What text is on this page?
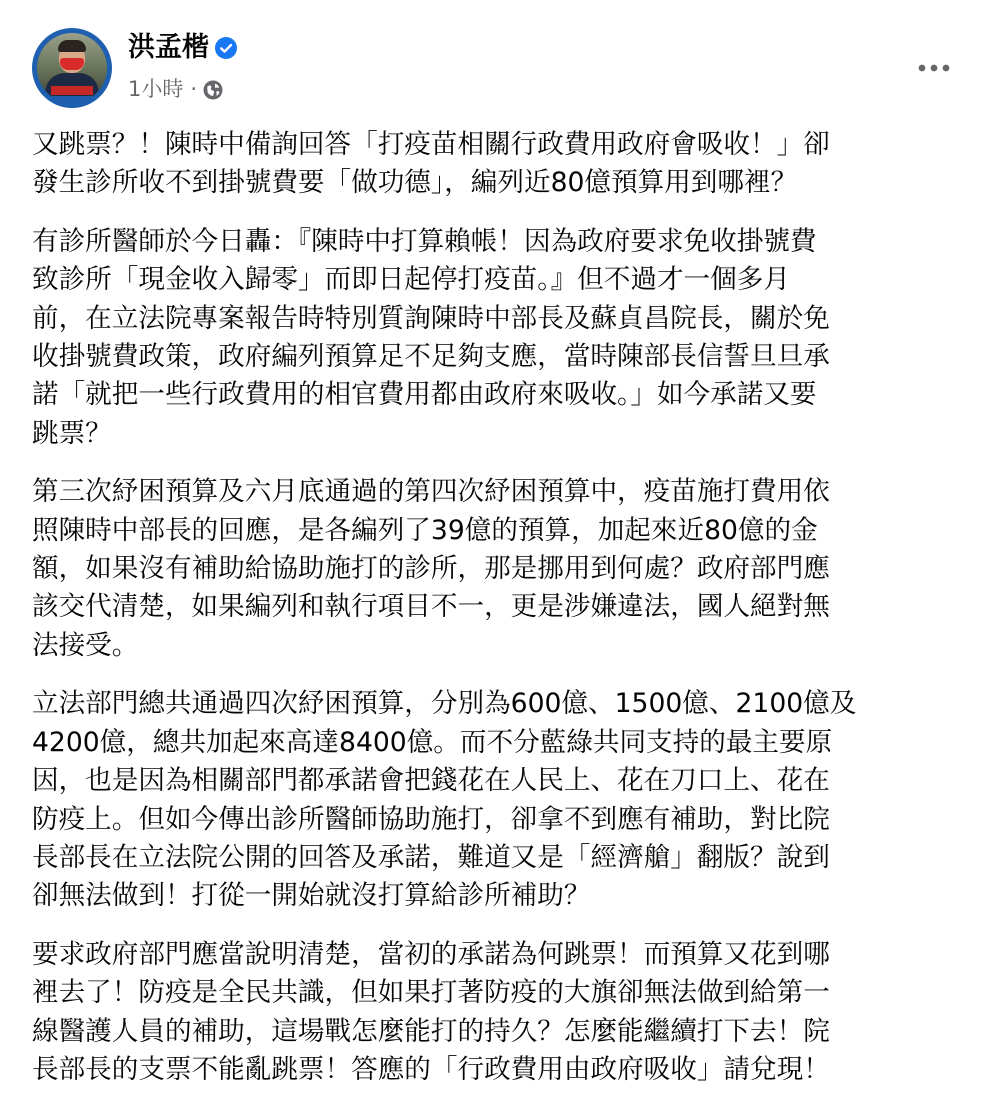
洪孟楷
1小時 ·

又跳票？！陳時中備詢回答「打疫苗相關行政費用政府會吸收！」卻
發生診所收不到掛號費要「做功德」，編列近80億預算用到哪裡？

有診所醫師於今日轟：『陳時中打算賴帳！因為政府要求免收掛號費
致診所「現金收入歸零」而即日起停打疫苗。』但不過才一個多月
前，在立法院專案報告時特別質詢陳時中部長及蘇貞昌院長，關於免
收掛號費政策，政府編列預算足不足夠支應，當時陳部長信誓旦旦承
諾「就把一些行政費用的相官費用都由政府來吸收。」如今承諾又要
跳票？

第三次紓困預算及六月底通過的第四次紓困預算中，疫苗施打費用依
照陳時中部長的回應，是各編列了39億的預算，加起來近80億的金
額，如果沒有補助給協助施打的診所，那是挪用到何處？政府部門應
該交代清楚，如果編列和執行項目不一，更是涉嫌違法，國人絕對無
法接受。

立法部門總共通過四次紓困預算，分別為600億、1500億、2100億及
4200億，總共加起來高達8400億。而不分藍綠共同支持的最主要原
因，也是因為相關部門都承諾會把錢花在人民上、花在刀口上、花在
防疫上。但如今傳出診所醫師協助施打，卻拿不到應有補助，對比院
長部長在立法院公開的回答及承諾，難道又是「經濟艙」翻版？說到
卻無法做到！打從一開始就沒打算給診所補助？

要求政府部門應當說明清楚，當初的承諾為何跳票！而預算又花到哪
裡去了！防疫是全民共識，但如果打著防疫的大旗卻無法做到給第一
線醫護人員的補助，這場戰怎麼能打的持久？怎麼能繼續打下去！院
長部長的支票不能亂跳票！答應的「行政費用由政府吸收」請兌現！
